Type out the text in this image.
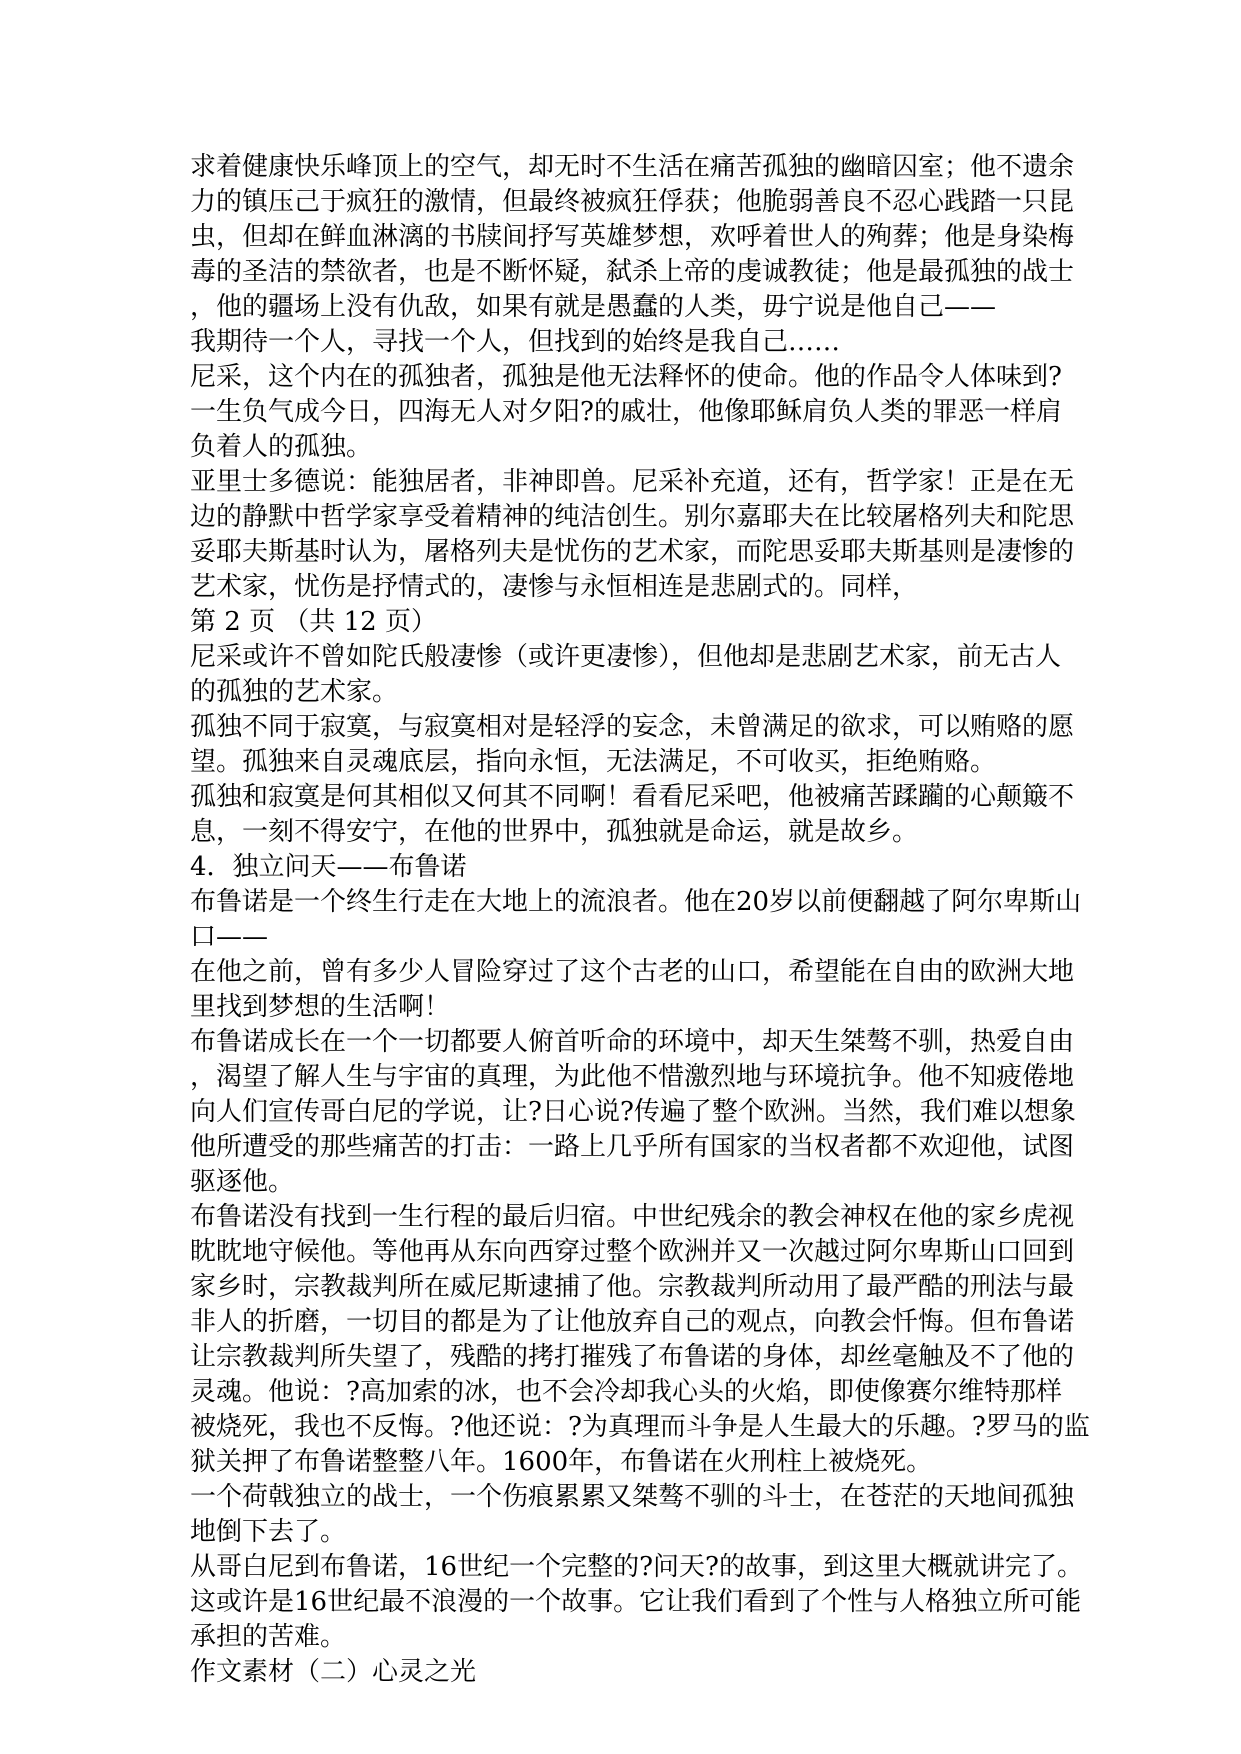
求着健康快乐峰顶上的空气，却无时不生活在痛苦孤独的幽暗囚室；他不遗余
力的镇压己于疯狂的激情，但最终被疯狂俘获；他脆弱善良不忍心践踏一只昆
虫，但却在鲜血淋漓的书牍间抒写英雄梦想，欢呼着世人的殉葬；他是身染梅
毒的圣洁的禁欲者，也是不断怀疑，弑杀上帝的虔诚教徒；他是最孤独的战士
，他的疆场上没有仇敌，如果有就是愚蠢的人类，毋宁说是他自己——
我期待一个人，寻找一个人，但找到的始终是我自己……
尼采，这个内在的孤独者，孤独是他无法释怀的使命。他的作品令人体味到?
一生负气成今日，四海无人对夕阳?的戚壮，他像耶稣肩负人类的罪恶一样肩
负着人的孤独。
亚里士多德说：能独居者，非神即兽。尼采补充道，还有，哲学家！正是在无
边的静默中哲学家享受着精神的纯洁创生。别尔嘉耶夫在比较屠格列夫和陀思
妥耶夫斯基时认为，屠格列夫是忧伤的艺术家，而陀思妥耶夫斯基则是凄惨的
艺术家，忧伤是抒情式的，凄惨与永恒相连是悲剧式的。同样，
第 2 页 （共 12 页）
尼采或许不曾如陀氏般凄惨（或许更凄惨），但他却是悲剧艺术家，前无古人
的孤独的艺术家。
孤独不同于寂寞，与寂寞相对是轻浮的妄念，未曾满足的欲求，可以贿赂的愿
望。孤独来自灵魂底层，指向永恒，无法满足，不可收买，拒绝贿赂。
孤独和寂寞是何其相似又何其不同啊！看看尼采吧，他被痛苦蹂躏的心颠簸不
息，一刻不得安宁，在他的世界中，孤独就是命运，就是故乡。
4．独立问天——布鲁诺
布鲁诺是一个终生行走在大地上的流浪者。他在20岁以前便翻越了阿尔卑斯山
口——
在他之前，曾有多少人冒险穿过了这个古老的山口，希望能在自由的欧洲大地
里找到梦想的生活啊！
布鲁诺成长在一个一切都要人俯首听命的环境中，却天生桀骜不驯，热爱自由
，渴望了解人生与宇宙的真理，为此他不惜激烈地与环境抗争。他不知疲倦地
向人们宣传哥白尼的学说，让?日心说?传遍了整个欧洲。当然，我们难以想象
他所遭受的那些痛苦的打击：一路上几乎所有国家的当权者都不欢迎他，试图
驱逐他。
布鲁诺没有找到一生行程的最后归宿。中世纪残余的教会神权在他的家乡虎视
眈眈地守候他。等他再从东向西穿过整个欧洲并又一次越过阿尔卑斯山口回到
家乡时，宗教裁判所在威尼斯逮捕了他。宗教裁判所动用了最严酷的刑法与最
非人的折磨，一切目的都是为了让他放弃自己的观点，向教会忏悔。但布鲁诺
让宗教裁判所失望了，残酷的拷打摧残了布鲁诺的身体，却丝毫触及不了他的
灵魂。他说：?高加索的冰，也不会冷却我心头的火焰，即使像赛尔维特那样
被烧死，我也不反悔。?他还说：?为真理而斗争是人生最大的乐趣。?罗马的监
狱关押了布鲁诺整整八年。1600年，布鲁诺在火刑柱上被烧死。
一个荷戟独立的战士，一个伤痕累累又桀骜不驯的斗士，在苍茫的天地间孤独
地倒下去了。
从哥白尼到布鲁诺，16世纪一个完整的?问天?的故事，到这里大概就讲完了。
这或许是16世纪最不浪漫的一个故事。它让我们看到了个性与人格独立所可能
承担的苦难。
作文素材（二）心灵之光
